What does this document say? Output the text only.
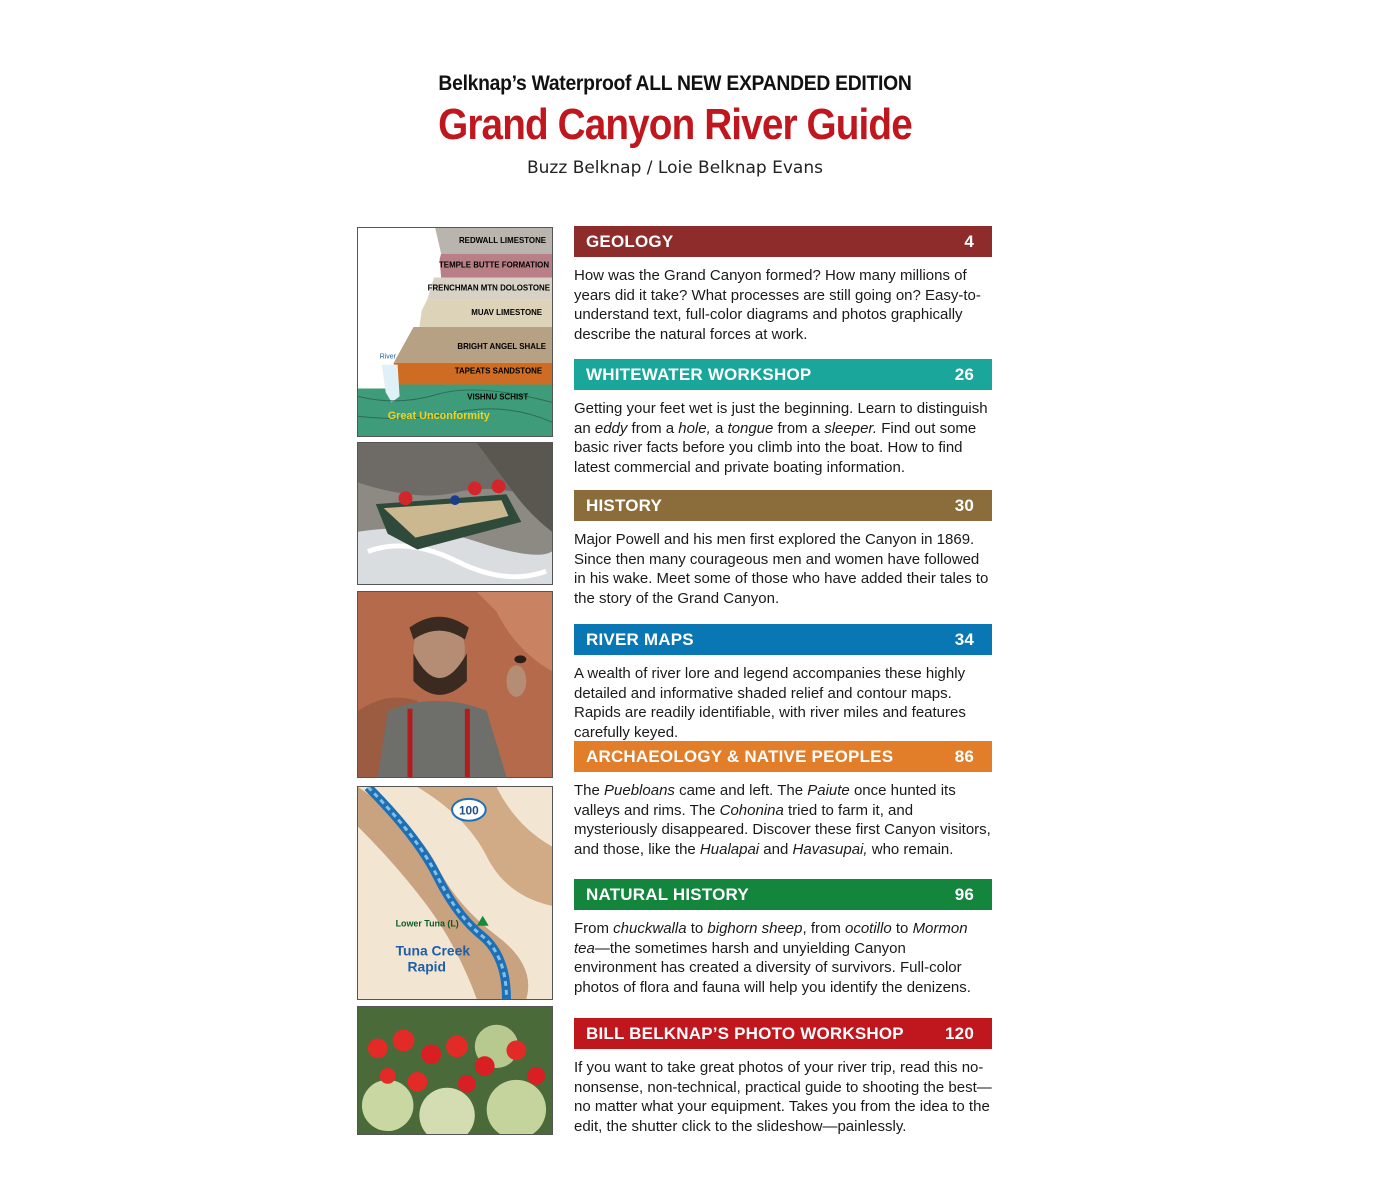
Belknap’s Waterproof ALL NEW EXPANDED EDITION
Grand Canyon River Guide
Buzz Belknap / Loie Belknap Evans
River
REDWALL LIMESTONE
TEMPLE BUTTE FORMATION
FRENCHMAN MTN DOLOSTONE
MUAV LIMESTONE
BRIGHT ANGEL SHALE
TAPEATS SANDSTONE
VISHNU SCHIST
Great Unconformity
100
Lower Tuna (L)
Tuna Creek
Rapid
GEOLOGY	4
How was the Grand Canyon formed? How many millions of years did it take? What processes are still going on? Easy-to-understand text, full-color diagrams and photos graphically describe the natural forces at work.
WHITEWATER WORKSHOP	26
Getting your feet wet is just the beginning. Learn to distinguish an eddy from a hole, a tongue from a sleeper. Find out some basic river facts before you climb into the boat. How to find latest commercial and private boating information.
HISTORY	30
Major Powell and his men first explored the Canyon in 1869. Since then many courageous men and women have followed in his wake. Meet some of those who have added their tales to the story of the Grand Canyon.
RIVER MAPS	34
A wealth of river lore and legend accompanies these highly detailed and informative shaded relief and contour maps. Rapids are readily identifiable, with river miles and features carefully keyed.
ARCHAEOLOGY & NATIVE PEOPLES	86
The Puebloans came and left. The Paiute once hunted its valleys and rims. The Cohonina tried to farm it, and mysteriously disappeared. Discover these first Canyon visitors, and those, like the Hualapai and Havasupai, who remain.
NATURAL HISTORY	96
From chuckwalla to bighorn sheep, from ocotillo to Mormon tea—the sometimes harsh and unyielding Canyon environment has created a diversity of survivors. Full-color photos of flora and fauna will help you identify the denizens.
BILL BELKNAP’S PHOTO WORKSHOP 120
If you want to take great photos of your river trip, read this no-nonsense, non-technical, practical guide to shooting the best—no matter what your equipment. Takes you from the idea to the edit, the shutter click to the slideshow—painlessly.
